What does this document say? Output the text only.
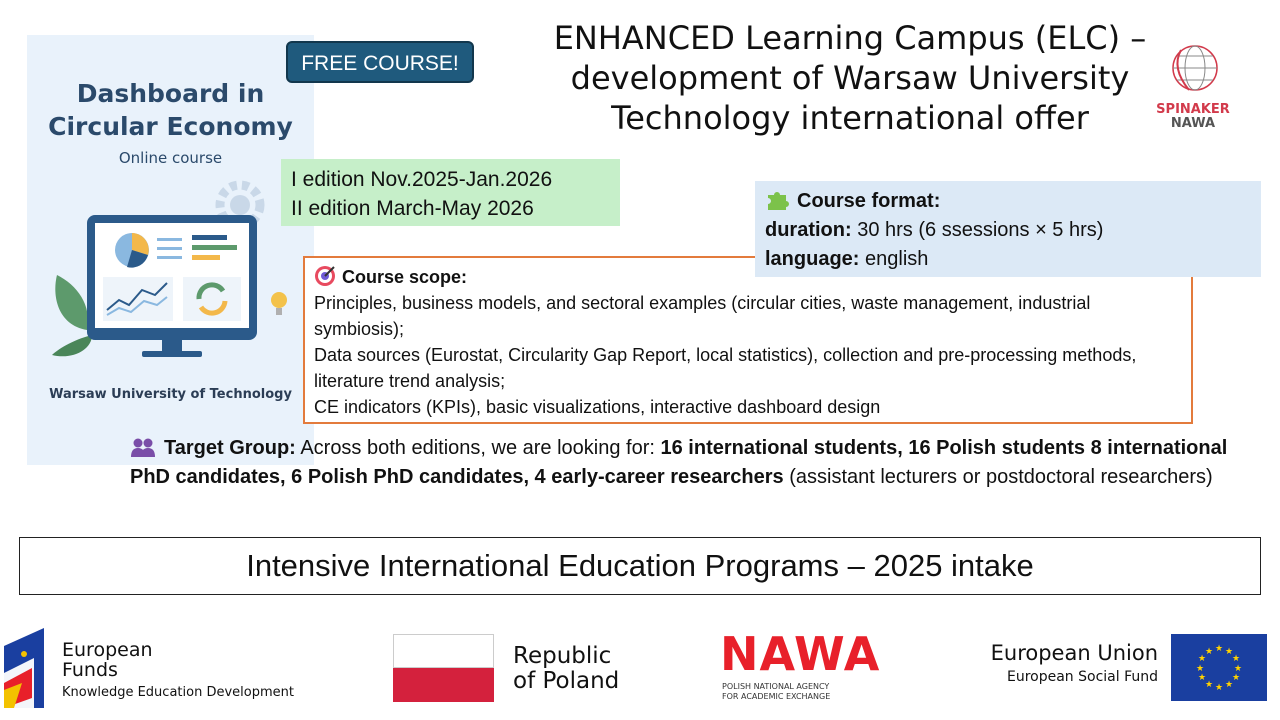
Dashboard in Circular Economy
Online course
Warsaw University of Technology
FREE COURSE!
ENHANCED Learning Campus (ELC) – development of Warsaw University Technology international offer	SPINAKER
NAWA
I edition Nov.2025-Jan.2026
II edition March-May 2026
Course scope:
Principles, business models, and sectoral examples (circular cities, waste management, industrial symbiosis);
Data sources (Eurostat, Circularity Gap Report, local statistics), collection and pre-processing methods, literature trend analysis;
CE indicators (KPIs), basic visualizations, interactive dashboard design
Course format:
duration: 30 hrs (6 ssessions × 5 hrs)
language: english
Target Group: Across both editions, we are looking for: 16 international students, 16 Polish students 8 international PhD candidates, 6 Polish PhD candidates, 4 early-career researchers (assistant lecturers or postdoctoral researchers)
Intensive International Education Programs – 2025 intake
European
Funds
Knowledge Education Development
Republic
of Poland NAWA
POLISH NATIONAL AGENCY
FOR ACADEMIC EXCHANGE
European Union
European Social Fund
★ ★
★
★
★
★
★
★
★
★
★
★
